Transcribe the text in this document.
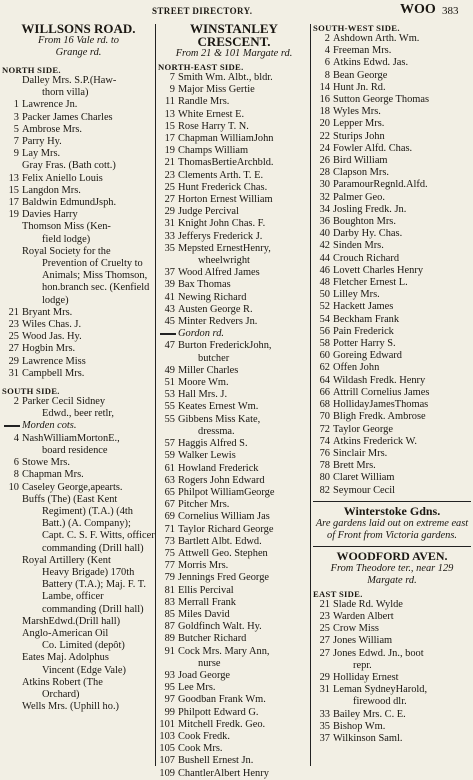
STREET DIRECTORY.	WOO 383
WILLSONS ROAD.
From 16 Vale rd. to
Grange rd.
NORTH SIDE.
Dalley Mrs. S.P.(Haw-
thorn villa)
1 Lawrence Jn.
3 Packer James Charles
5 Ambrose Mrs.
7 Parry Hy.
9 Lay Mrs.
Gray Fras. (Bath cott.)
13 Felix Aniello Louis
15 Langdon Mrs.
17 Baldwin EdmundJsph.
19 Davies Harry
Thomson Miss (Ken-
field lodge)
Royal Society for the
Prevention of Cruelty to Animals; Miss Thomson, hon.branch sec. (Kenfield lodge)
21 Bryant Mrs.
23 Wiles Chas. J.
25 Wood Jas. Hy.
27 Hogbin Mrs.
29 Lawrence Miss
31 Campbell Mrs.
SOUTH SIDE.
2 Parker Cecil Sidney
Edwd., beer retlr,
Morden cots.
4 NashWilliamMortonE.,
board residence
6 Stowe Mrs.
8 Chapman Mrs.
10 Caseley George,apearts.
Buffs (The) (East Kent
Regiment) (T.A.) (4th Batt.) (A. Company); Capt. C. S. F. Witts, officer commanding (Drill hall)
Royal Artillery (Kent
Heavy Brigade) 170th Battery (T.A.); Maj. F. T. Lambe, officer commanding (Drill hall)
MarshEdwd.(Drill hall)
Anglo-American Oil
Co. Limited (depôt)
Eates Maj. Adolphus
Vincent (Edge Vale)
Atkins Robert (The
Orchard)
Wells Mrs. (Uphill ho.)
WINSTANLEY
CRESCENT.
From 21 & 101 Margate rd.
NORTH-EAST SIDE.
7 Smith Wm. Albt., bldr.
9 Major Miss Gertie
11 Randle Mrs.
13 White Ernest E.
15 Rose Harry T. N.
17 Chapman WilliamJohn
19 Champs William
21 ThomasBertieArchbld.
23 Clements Arth. T. E.
25 Hunt Frederick Chas.
27 Horton Ernest William
29 Judge Percival
31 Knight John Chas. F.
33 Jefferys Frederick J.
35 Mepsted ErnestHenry,
wheelwright
37 Wood Alfred James
39 Bax Thomas
41 Newing Richard
43 Austen George R.
45 Minter Redvers Jn.
Gordon rd.
47 Burton FrederickJohn,
butcher
49 Miller Charles
51 Moore Wm.
53 Hall Mrs. J.
55 Keates Ernest Wm.
55 Gibbens Miss Kate,
dressma.
57 Haggis Alfred S.
59 Walker Lewis
61 Howland Frederick
63 Rogers John Edward
65 Philpot WilliamGeorge
67 Pitcher Mrs.
69 Cornelius William Jas
71 Taylor Richard George
73 Bartlett Albt. Edwd.
75 Attwell Geo. Stephen
77 Morris Mrs.
79 Jennings Fred George
81 Ellis Percival
83 Merrall Frank
85 Miles David
87 Goldfinch Walt. Hy.
89 Butcher Richard
91 Cock Mrs. Mary Ann,
nurse
93 Joad George
95 Lee Mrs.
97 Goodban Frank Wm.
99 Philpott Edward G.
101 Mitchell Fredk. Geo.
103 Cook Fredk.
105 Cook Mrs.
107 Bushell Ernest Jn.
109 ChantlerAlbert Henry
SOUTH-WEST SIDE.
2 Ashdown Arth. Wm.
4 Freeman Mrs.
6 Atkins Edwd. Jas.
8 Bean George
14 Hunt Jn. Rd.
16 Sutton George Thomas
18 Wyles Mrs.
20 Lepper Mrs.
22 Sturips John
24 Fowler Alfd. Chas.
26 Bird William
28 Clapson Mrs.
30 ParamourRegnld.Alfd.
32 Palmer Geo.
34 Josling Fredk. Jn.
36 Boughton Mrs.
40 Darby Hy. Chas.
42 Sinden Mrs.
44 Crouch Richard
46 Lovett Charles Henry
48 Fletcher Ernest L.
50 Lilley Mrs.
52 Hackett James
54 Beckham Frank
56 Pain Frederick
58 Potter Harry S.
60 Goreing Edward
62 Offen John
64 Wildash Fredk. Henry
66 Attrill Cornelius James
68 HollidayJamesThomas
70 Bligh Fredk. Ambrose
72 Taylor George
74 Atkins Frederick W.
76 Sinclair Mrs.
78 Brett Mrs.
80 Claret William
82 Seymour Cecil
Winterstoke Gdns.
Are gardens laid out on extreme east of Front from Victoria gardens.
WOODFORD AVEN.
From Theodore ter., near 129 Margate rd.
EAST SIDE.
21 Slade Rd. Wylde
23 Warden Albert
25 Crow Miss
27 Jones William
27 Jones Edwd. Jn., boot
repr.
29 Holliday Ernest
31 Leman SydneyHarold,
firewood dlr.
33 Bailey Mrs. C. E.
35 Bishop Wm.
37 Wilkinson Saml.
